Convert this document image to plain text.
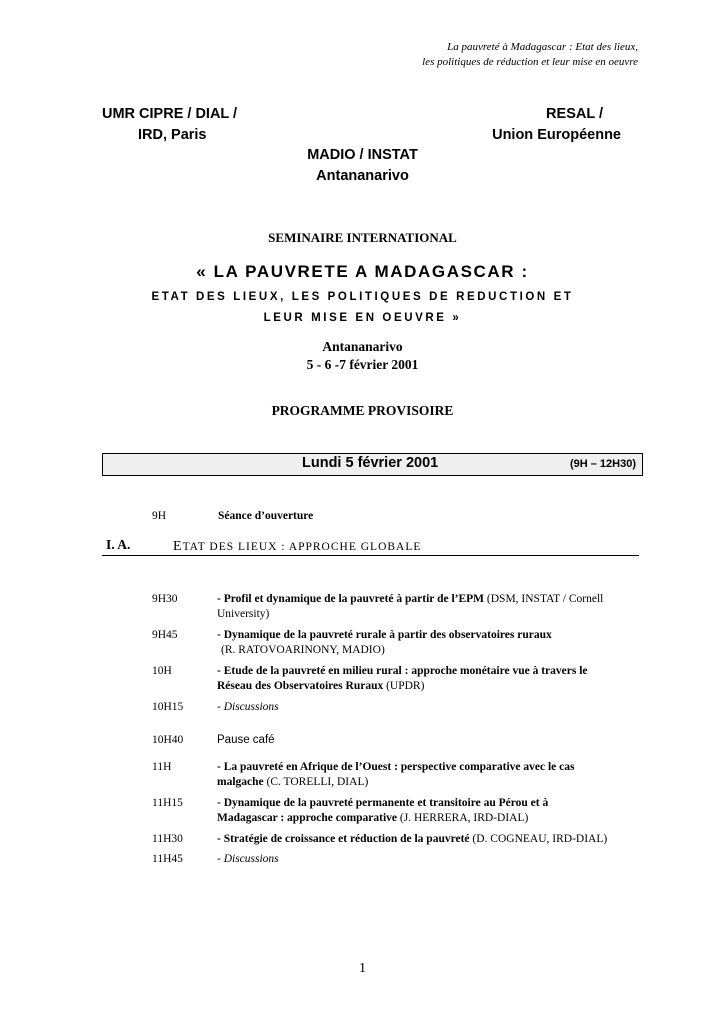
La pauvreté à Madagascar : Etat des lieux,
les politiques de réduction et leur mise en oeuvre
UMR CIPRE / DIAL /
IRD, Paris
RESAL /
Union Européenne
MADIO / INSTAT
Antananarivo
SEMINAIRE INTERNATIONAL
« LA PAUVRETE A MADAGASCAR :
ETAT DES LIEUX, LES POLITIQUES DE REDUCTION ET
LEUR MISE EN OEUVRE »
Antananarivo
5 - 6 -7 février 2001
PROGRAMME PROVISOIRE
Lundi 5 février 2001	(9H – 12H30)
9H	Séance d’ouverture
I. A.	ETAT DES LIEUX : APPROCHE GLOBALE
9H30	- Profil et dynamique de la pauvreté à partir de l’EPM (DSM, INSTAT / Cornell University)
9H45	- Dynamique de la pauvreté rurale à partir des observatoires ruraux
(R. RATOVOARINONY, MADIO)
10H	- Etude de la pauvreté en milieu rural : approche monétaire vue à travers le Réseau des Observatoires Ruraux (UPDR)
10H15	- Discussions
10H40	Pause café
11H	- La pauvreté en Afrique de l’Ouest : perspective comparative avec le cas
malgache (C. TORELLI, DIAL)
11H15	- Dynamique de la pauvreté permanente et transitoire au Pérou et à
Madagascar : approche comparative (J. HERRERA, IRD-DIAL)
11H30	- Stratégie de croissance et réduction de la pauvreté (D. COGNEAU, IRD-DIAL)
11H45	- Discussions
1
